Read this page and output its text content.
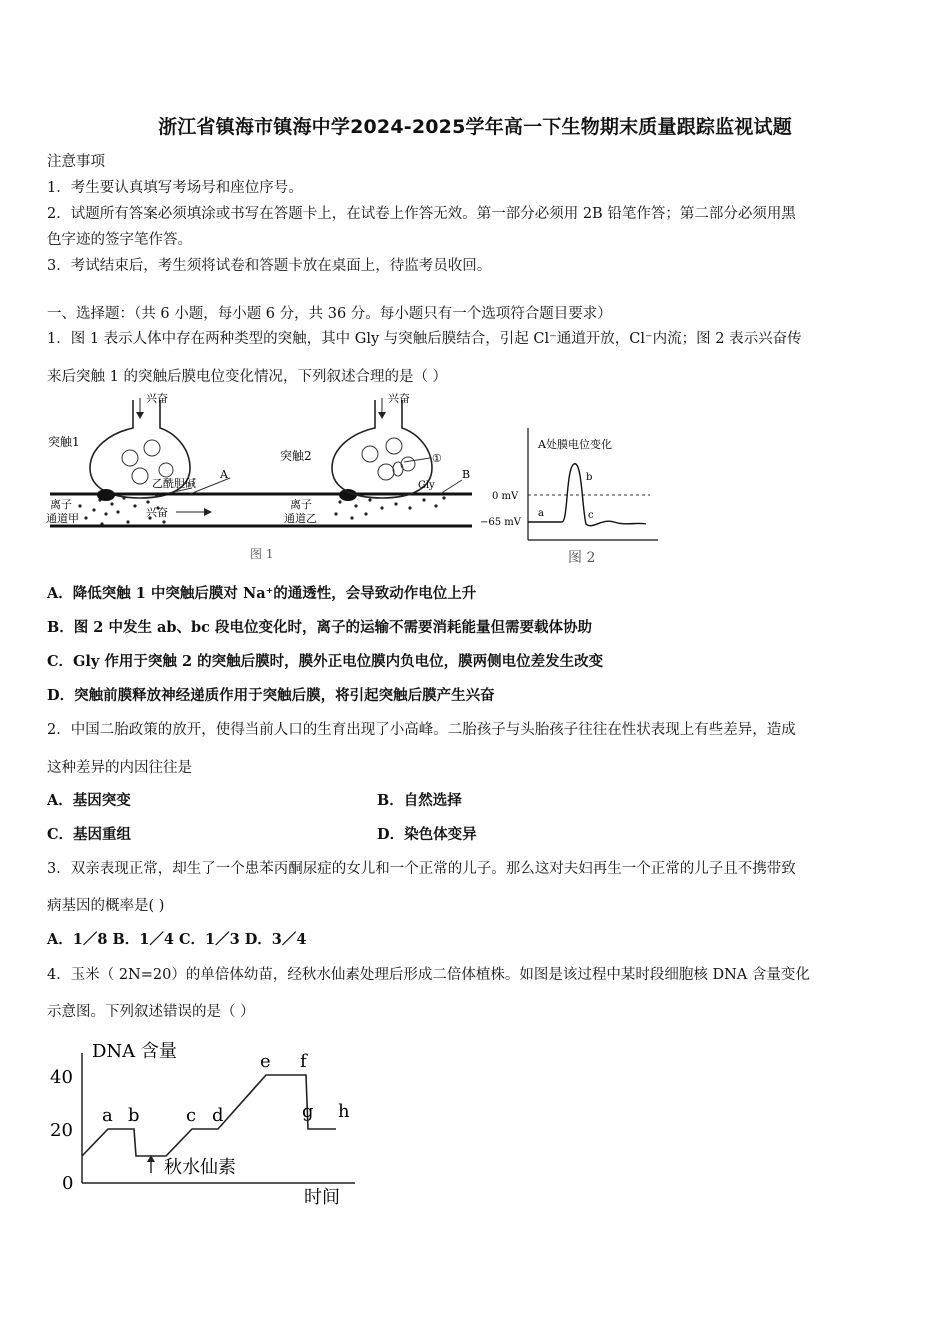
浙江省镇海市镇海中学2024-2025学年高一下生物期末质量跟踪监视试题
注意事项
1．考生要认真填写考场号和座位序号。
2．试题所有答案必须填涂或书写在答题卡上，在试卷上作答无效。第一部分必须用 2B 铅笔作答；第二部分必须用黑
色字迹的签字笔作答。
3．考试结束后，考生须将试卷和答题卡放在桌面上，待监考员收回。
一、选择题：（共 6 小题，每小题 6 分，共 36 分。每小题只有一个选项符合题目要求）
1．图 1 表示人体中存在两种类型的突触，其中 Gly 与突触后膜结合，引起 Cl⁻通道开放，Cl⁻内流；图 2 表示兴奋传
来后突触 1 的突触后膜电位变化情况，下列叙述合理的是（ ）
兴奋
突触1
乙酰胆碱
A
离子
通道甲	兴奋
兴奋
突触2	①
Gly
B
离子
通道乙
图 1
A处膜电位变化
0 mV
−65 mV
a
b
c
图 2
A．降低突触 1 中突触后膜对 Na⁺的通透性，会导致动作电位上升
B．图 2 中发生 ab、bc 段电位变化时，离子的运输不需要消耗能量但需要载体协助
C．Gly 作用于突触 2 的突触后膜时，膜外正电位膜内负电位，膜两侧电位差发生改变
D．突触前膜释放神经递质作用于突触后膜，将引起突触后膜产生兴奋
2．中国二胎政策的放开，使得当前人口的生育出现了小高峰。二胎孩子与头胎孩子往往在性状表现上有些差异，造成
这种差异的内因往往是
A．基因突变	B．自然选择
C．基因重组	D．染色体变异
3．双亲表现正常，却生了一个患苯丙酮尿症的女儿和一个正常的儿子。那么这对夫妇再生一个正常的儿子且不携带致
病基因的概率是( )
A．1／8 B．1／4 C．1／3 D．3／4
4．玉米（ 2N=20）的单倍体幼苗，经秋水仙素处理后形成二倍体植株。如图是该过程中某时段细胞核 DNA 含量变化
示意图。下列叙述错误的是（ ）
DNA 含量
时间
40
20
0
a b	c d
e f
g h
秋水仙素
